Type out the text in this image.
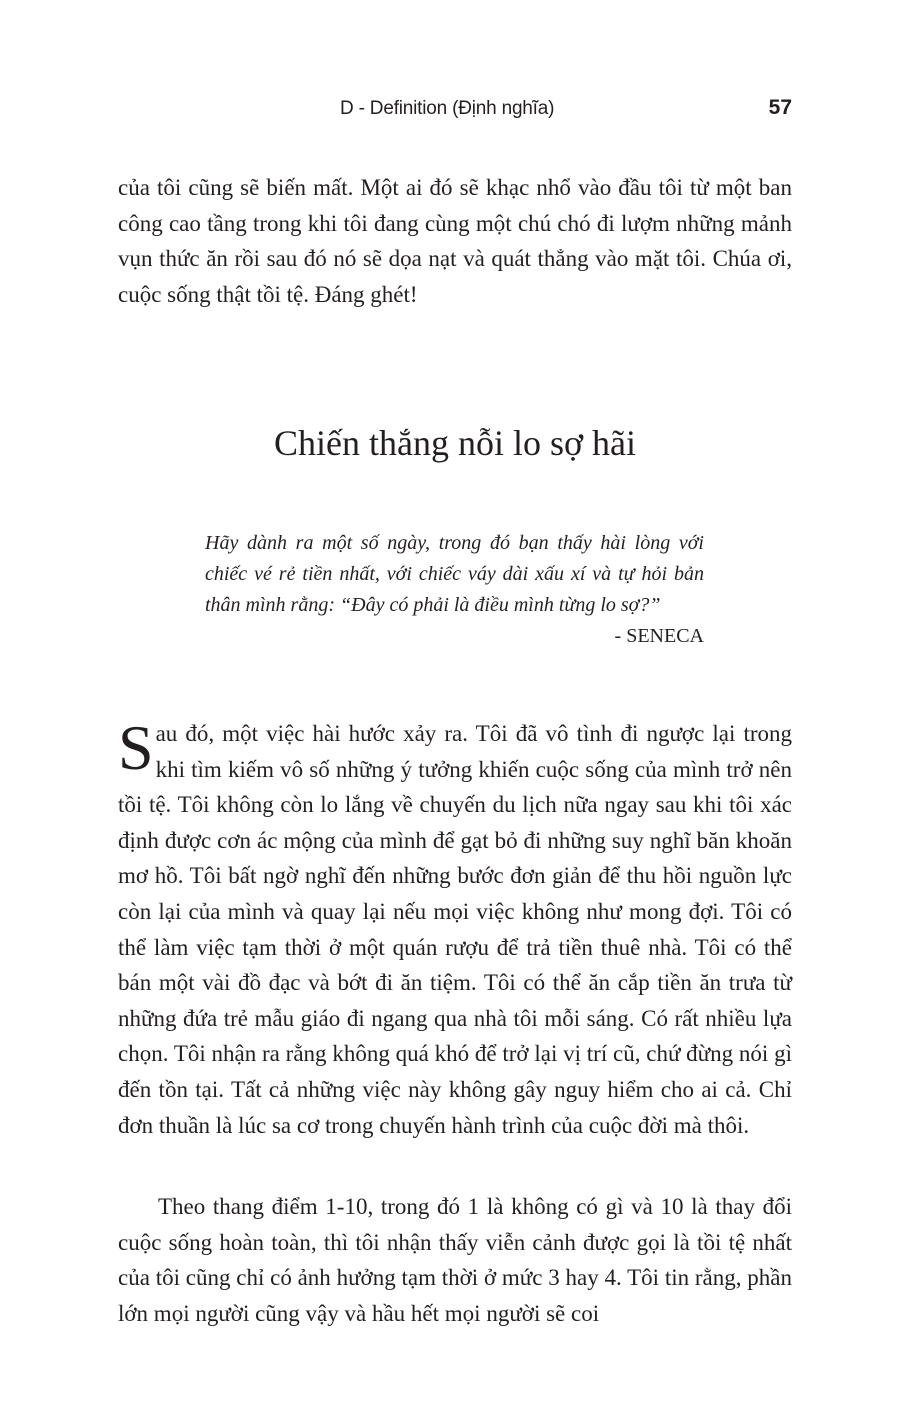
D - Definition (Định nghĩa)	57

của tôi cũng sẽ biến mất. Một ai đó sẽ khạc nhổ vào đầu tôi từ một ban công cao tầng trong khi tôi đang cùng một chú chó đi lượm những mảnh vụn thức ăn rồi sau đó nó sẽ dọa nạt và quát thẳng vào mặt tôi. Chúa ơi, cuộc sống thật tồi tệ. Đáng ghét!

Chiến thắng nỗi lo sợ hãi

Hãy dành ra một số ngày, trong đó bạn thấy hài lòng với chiếc vé rẻ tiền nhất, với chiếc váy dài xấu xí và tự hỏi bản thân mình rằng: “Đây có phải là điều mình từng lo sợ?”

- SENECA

Sau đó, một việc hài hước xảy ra. Tôi đã vô tình đi ngược lại trong khi tìm kiếm vô số những ý tưởng khiến cuộc sống của mình trở nên tồi tệ. Tôi không còn lo lắng về chuyến du lịch nữa ngay sau khi tôi xác định được cơn ác mộng của mình để gạt bỏ đi những suy nghĩ băn khoăn mơ hồ. Tôi bất ngờ nghĩ đến những bước đơn giản để thu hồi nguồn lực còn lại của mình và quay lại nếu mọi việc không như mong đợi. Tôi có thể làm việc tạm thời ở một quán rượu để trả tiền thuê nhà. Tôi có thể bán một vài đồ đạc và bớt đi ăn tiệm. Tôi có thể ăn cắp tiền ăn trưa từ những đứa trẻ mẫu giáo đi ngang qua nhà tôi mỗi sáng. Có rất nhiều lựa chọn. Tôi nhận ra rằng không quá khó để trở lại vị trí cũ, chứ đừng nói gì đến tồn tại. Tất cả những việc này không gây nguy hiểm cho ai cả. Chỉ đơn thuần là lúc sa cơ trong chuyến hành trình của cuộc đời mà thôi.

Theo thang điểm 1-10, trong đó 1 là không có gì và 10 là thay đổi cuộc sống hoàn toàn, thì tôi nhận thấy viễn cảnh được gọi là tồi tệ nhất của tôi cũng chỉ có ảnh hưởng tạm thời ở mức 3 hay 4. Tôi tin rằng, phần lớn mọi người cũng vậy và hầu hết mọi người sẽ coi
